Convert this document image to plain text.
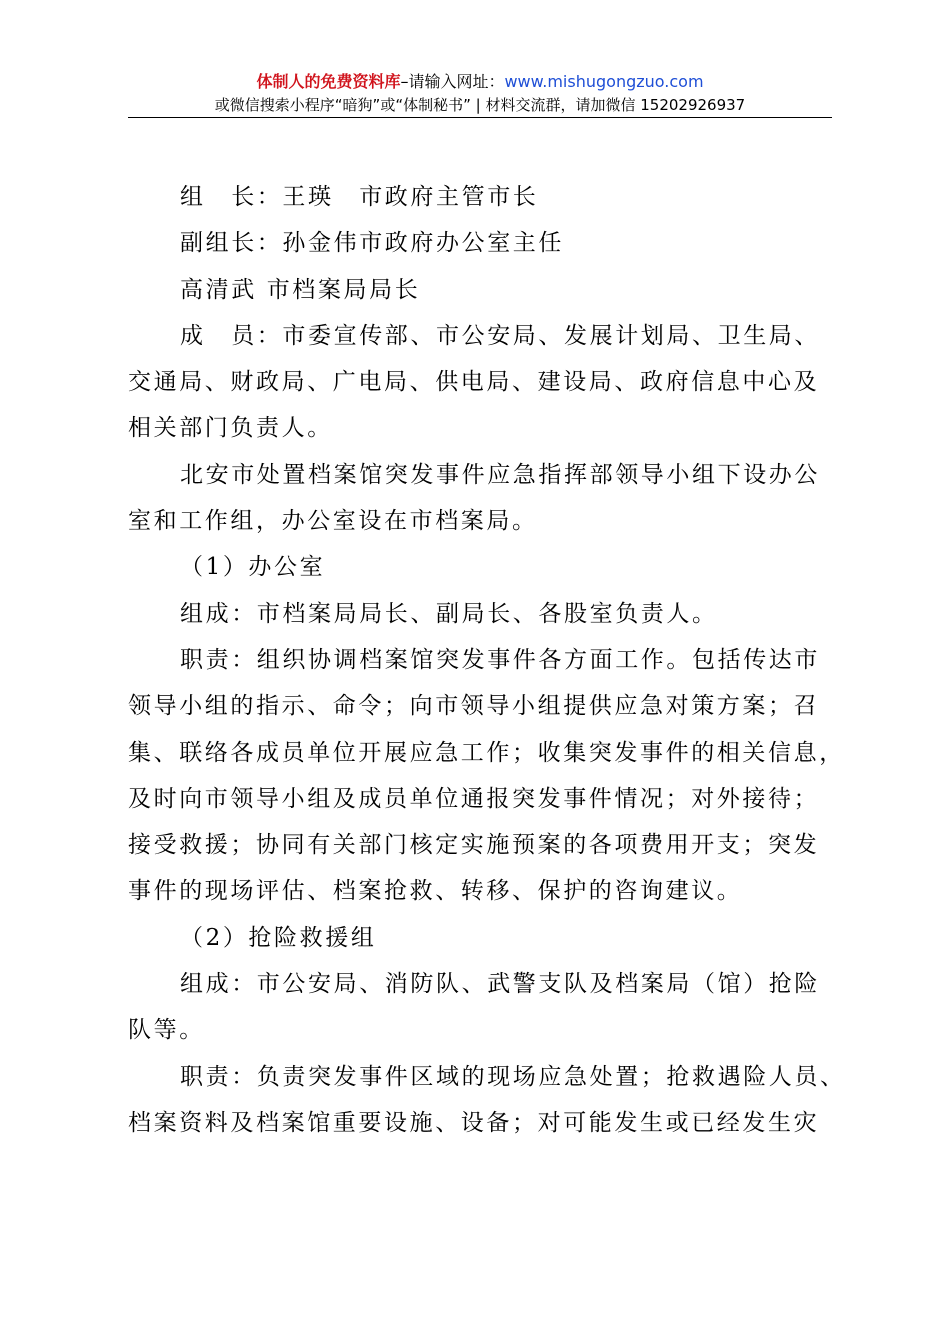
体制人的免费资料库–请输入网址：www.mishugongzuo.com
或微信搜索小程序“暗狗”或“体制秘书” | 材料交流群，请加微信 15202926937

组　长：王瑛　市政府主管市长

副组长：孙金伟市政府办公室主任

高清武 市档案局局长

成　员：市委宣传部、市公安局、发展计划局、卫生局、
交通局、财政局、广电局、供电局、建设局、政府信息中心及
相关部门负责人。

北安市处置档案馆突发事件应急指挥部领导小组下设办公
室和工作组，办公室设在市档案局。

（1）办公室

组成：市档案局局长、副局长、各股室负责人。

职责：组织协调档案馆突发事件各方面工作。包括传达市
领导小组的指示、命令；向市领导小组提供应急对策方案；召
集、联络各成员单位开展应急工作；收集突发事件的相关信息，
及时向市领导小组及成员单位通报突发事件情况；对外接待；
接受救援；协同有关部门核定实施预案的各项费用开支；突发
事件的现场评估、档案抢救、转移、保护的咨询建议。

（2）抢险救援组

组成：市公安局、消防队、武警支队及档案局（馆）抢险
队等。

职责：负责突发事件区域的现场应急处置；抢救遇险人员、
档案资料及档案馆重要设施、设备；对可能发生或已经发生灾
